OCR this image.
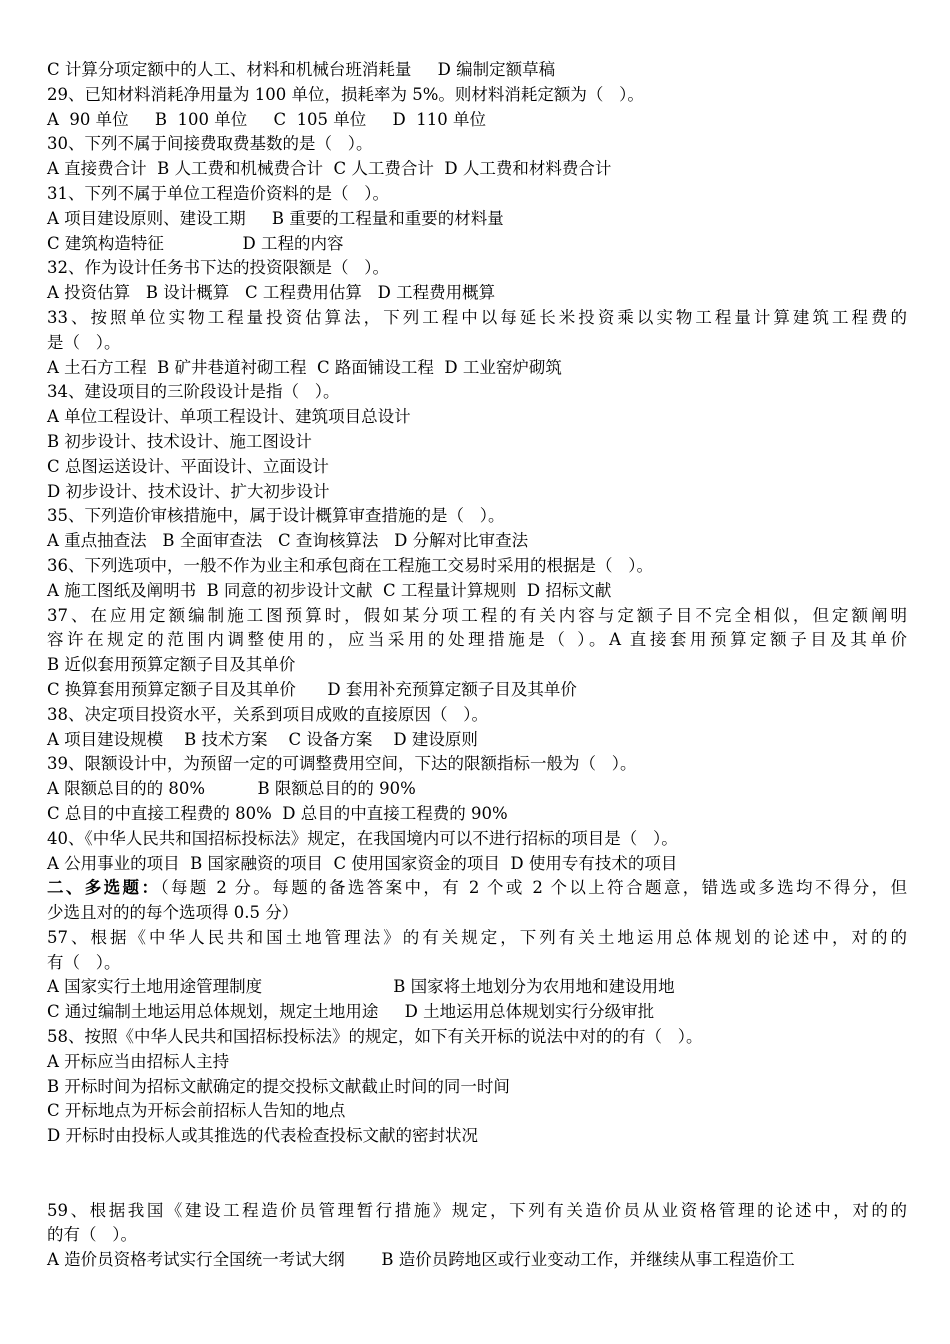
C 计算分项定额中的人工、材料和机械台班消耗量     D 编制定额草稿
29、已知材料消耗净用量为 100 单位，损耗率为 5%。则材料消耗定额为（   ）。
A  90 单位     B  100 单位     C  105 单位     D  110 单位
30、下列不属于间接费取费基数的是（   ）。
A 直接费合计  B 人工费和机械费合计  C 人工费合计  D 人工费和材料费合计
31、下列不属于单位工程造价资料的是（   ）。
A 项目建设原则、建设工期     B 重要的工程量和重要的材料量
C 建筑构造特征               D 工程的内容
32、作为设计任务书下达的投资限额是（   ）。
A 投资估算   B 设计概算   C 工程费用估算   D 工程费用概算
33、按照单位实物工程量投资估算法，下列工程中以每延长米投资乘以实物工程量计算建筑工程费的
是（   ）。
A 土石方工程  B 矿井巷道衬砌工程  C 路面铺设工程  D 工业窑炉砌筑
34、建设项目的三阶段设计是指（   ）。
A 单位工程设计、单项工程设计、建筑项目总设计
B 初步设计、技术设计、施工图设计
C 总图运送设计、平面设计、立面设计
D 初步设计、技术设计、扩大初步设计
35、下列造价审核措施中，属于设计概算审查措施的是（   ）。
A 重点抽查法   B 全面审查法   C 查询核算法   D 分解对比审查法
36、下列选项中，一般不作为业主和承包商在工程施工交易时采用的根据是（   ）。
A 施工图纸及阐明书  B 同意的初步设计文献  C 工程量计算规则  D 招标文献
37、在应用定额编制施工图预算时，假如某分项工程的有关内容与定额子目不完全相似，但定额阐明
容许在规定的范围内调整使用的，应当采用的处理措施是（ ）。A 直接套用预算定额子目及其单价
B 近似套用预算定额子目及其单价
C 换算套用预算定额子目及其单价      D 套用补充预算定额子目及其单价
38、决定项目投资水平，关系到项目成败的直接原因（   ）。
A 项目建设规模    B 技术方案    C 设备方案    D 建设原则
39、限额设计中，为预留一定的可调整费用空间，下达的限额指标一般为（   ）。
A 限额总目的的 80%          B 限额总目的的 90%
C 总目的中直接工程费的 80%  D 总目的中直接工程费的 90%
40、《中华人民共和国招标投标法》规定，在我国境内可以不进行招标的项目是（   ）。
A 公用事业的项目  B 国家融资的项目  C 使用国家资金的项目  D 使用专有技术的项目
二、多选题：（每题 2 分。每题的备选答案中，有 2 个或 2 个以上符合题意，错选或多选均不得分，但
少选且对的的每个选项得 0.5 分）
57、根据《中华人民共和国土地管理法》的有关规定，下列有关土地运用总体规划的论述中，对的的
有（   ）。
A 国家实行土地用途管理制度                         B 国家将土地划分为农用地和建设用地
C 通过编制土地运用总体规划，规定土地用途     D 土地运用总体规划实行分级审批
58、按照《中华人民共和国招标投标法》的规定，如下有关开标的说法中对的的有（   ）。
A 开标应当由招标人主持
B 开标时间为招标文献确定的提交投标文献截止时间的同一时间
C 开标地点为开标会前招标人告知的地点
D 开标时由投标人或其推选的代表检查投标文献的密封状况
59、根据我国《建设工程造价员管理暂行措施》规定，下列有关造价员从业资格管理的论述中，对的的
的有（   ）。
A 造价员资格考试实行全国统一考试大纲       B 造价员跨地区或行业变动工作，并继续从事工程造价工
